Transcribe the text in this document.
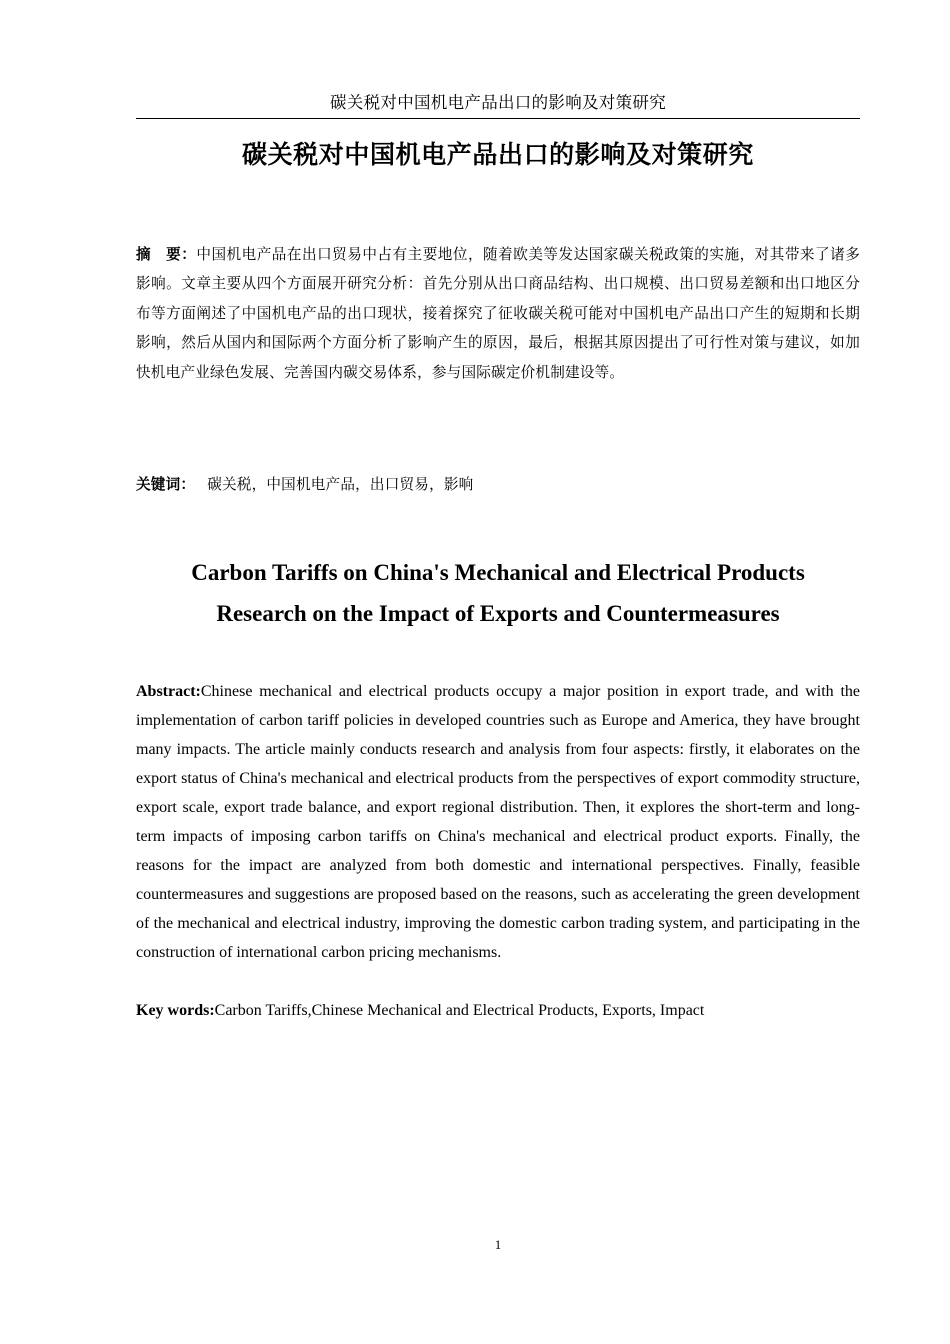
碳关税对中国机电产品出口的影响及对策研究
碳关税对中国机电产品出口的影响及对策研究
摘　要：中国机电产品在出口贸易中占有主要地位，随着欧美等发达国家碳关税政策的实施，对其带来了诸多影响。文章主要从四个方面展开研究分析：首先分别从出口商品结构、出口规模、出口贸易差额和出口地区分布等方面阐述了中国机电产品的出口现状，接着探究了征收碳关税可能对中国机电产品出口产生的短期和长期影响，然后从国内和国际两个方面分析了影响产生的原因，最后，根据其原因提出了可行性对策与建议，如加快机电产业绿色发展、完善国内碳交易体系，参与国际碳定价机制建设等。
关键词： 碳关税，中国机电产品，出口贸易，影响
Carbon Tariffs on China's Mechanical and Electrical Products
Research on the Impact of Exports and Countermeasures
Abstract:Chinese mechanical and electrical products occupy a major position in export trade, and with the implementation of carbon tariff policies in developed countries such as Europe and America, they have brought many impacts. The article mainly conducts research and analysis from four aspects: firstly, it elaborates on the export status of China's mechanical and electrical products from the perspectives of export commodity structure, export scale, export trade balance, and export regional distribution. Then, it explores the short-term and long-term impacts of imposing carbon tariffs on China's mechanical and electrical product exports. Finally, the reasons for the impact are analyzed from both domestic and international perspectives. Finally, feasible countermeasures and suggestions are proposed based on the reasons, such as accelerating the green development of the mechanical and electrical industry, improving the domestic carbon trading system, and participating in the construction of international carbon pricing mechanisms.
Key words:Carbon Tariffs,Chinese Mechanical and Electrical Products, Exports, Impact
1
